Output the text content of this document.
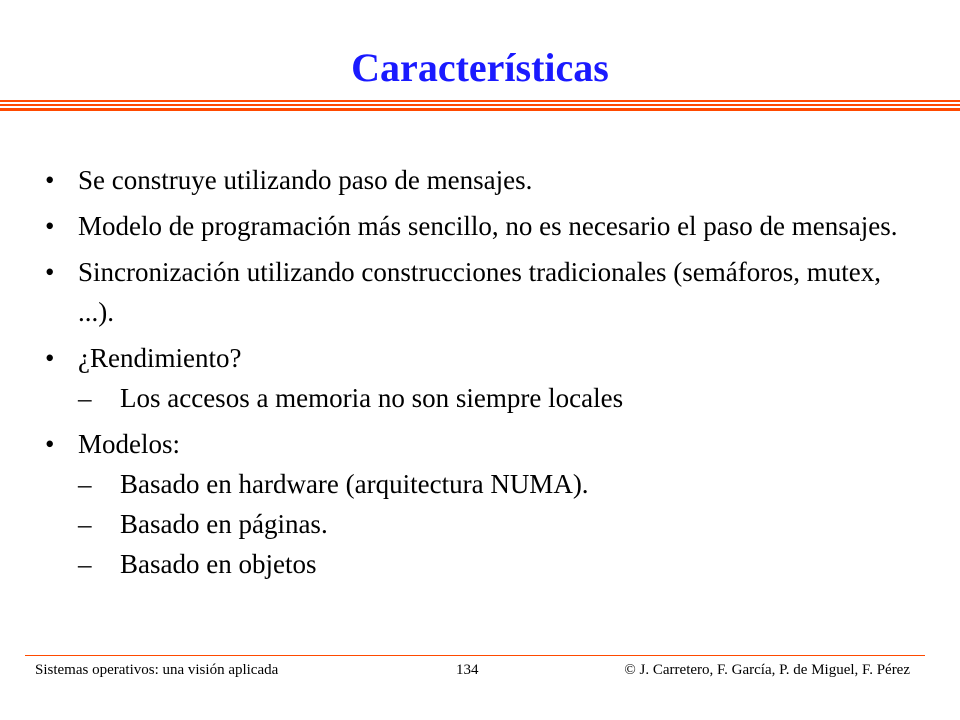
Características
• Se construye utilizando paso de mensajes.
• Modelo de programación más sencillo, no es necesario el paso de mensajes.
• Sincronización utilizando construcciones tradicionales (semáforos, mutex, ...).
• ¿Rendimiento?
–	Los accesos a memoria no son siempre locales
• Modelos:
–	Basado en hardware (arquitectura NUMA).
–	Basado en páginas.
–	Basado en objetos
Sistemas operativos: una visión aplicada	134	© J. Carretero, F. García, P. de Miguel, F. Pérez
